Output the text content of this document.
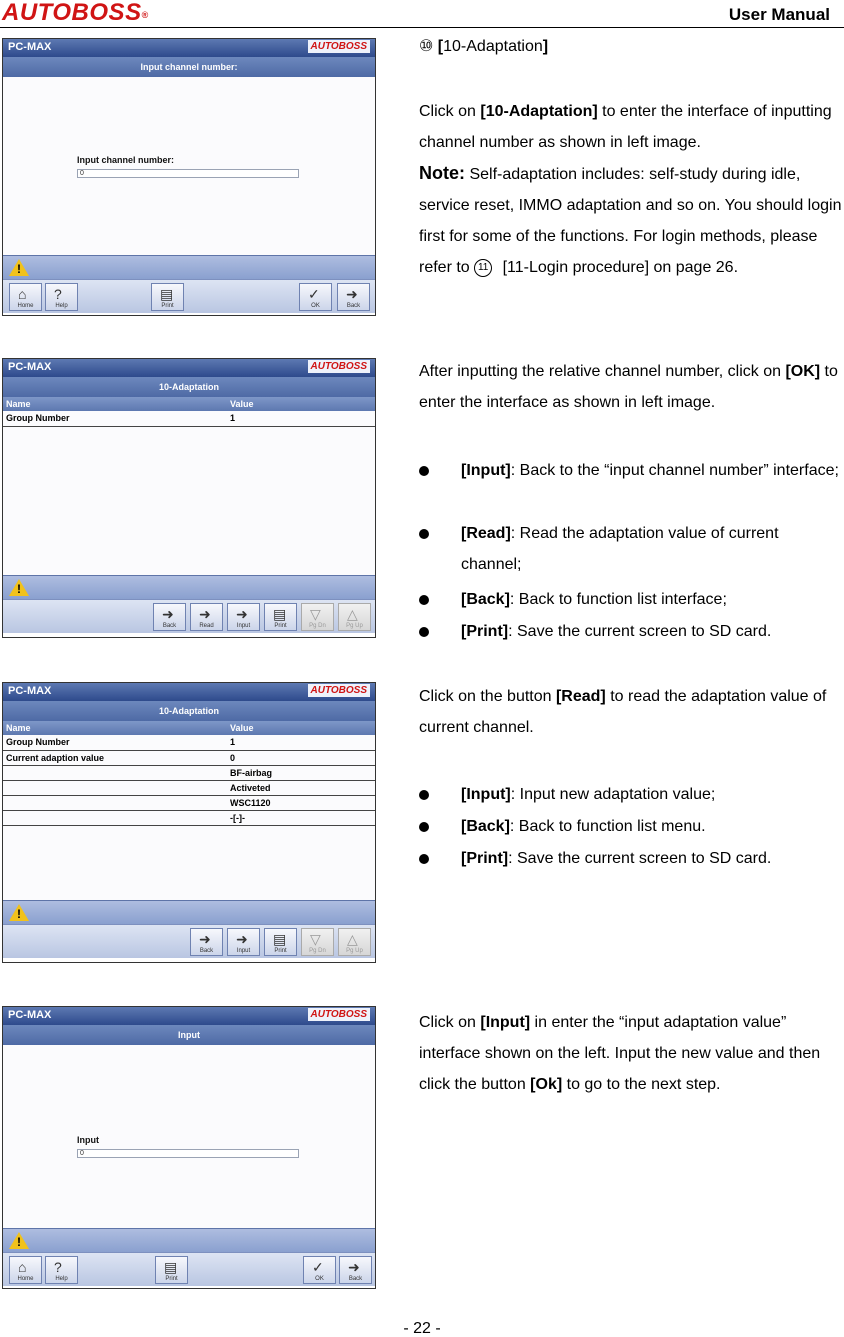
AUTOBOSS®	User Manual
PC-MAX	AUTOBOSS
Input channel number:
Input channel number:
0
!
⌂
Home
?
Help
▤
Print
✓
OK
➜
Back
PC-MAX	AUTOBOSS
10-Adaptation
Name	Value
Group Number	1
!
➜
Back
➜
Read
➜
Input
▤
Print
▽
Pg Dn
△
Pg Up
PC-MAX	AUTOBOSS
10-Adaptation
Name	Value
Group Number	1
Current adaption value	0
	BF-airbag
	Activeted
	WSC1120
	-[-]-
!
➜
Back
➜
Input
▤
Print
▽
Pg Dn
△
Pg Up
PC-MAX	AUTOBOSS
Input
Input
0
!
⌂
Home
?
Help
▤
Print
✓
OK
➜
Back
⑩ [10-Adaptation]
Click on [10-Adaptation] to enter the interface of inputting channel number as shown in left image.
Note: Self-adaptation includes: self-study during idle, service reset, IMMO adaptation and so on. You should login first for some of the functions. For login methods, please refer to 11 [11-Login procedure] on page 26.
After inputting the relative channel number, click on [OK] to enter the interface as shown in left image.
[Input]: Back to the “input channel number” interface;
[Read]: Read the adaptation value of current channel;
[Back]: Back to function list interface;
[Print]: Save the current screen to SD card.
Click on the button [Read] to read the adaptation value of current channel.
[Input]: Input new adaptation value;
[Back]: Back to function list menu.
[Print]: Save the current screen to SD card.
Click on [Input] in enter the “input adaptation value” interface shown on the left. Input the new value and then click the button [Ok] to go to the next step.
- 22 -
